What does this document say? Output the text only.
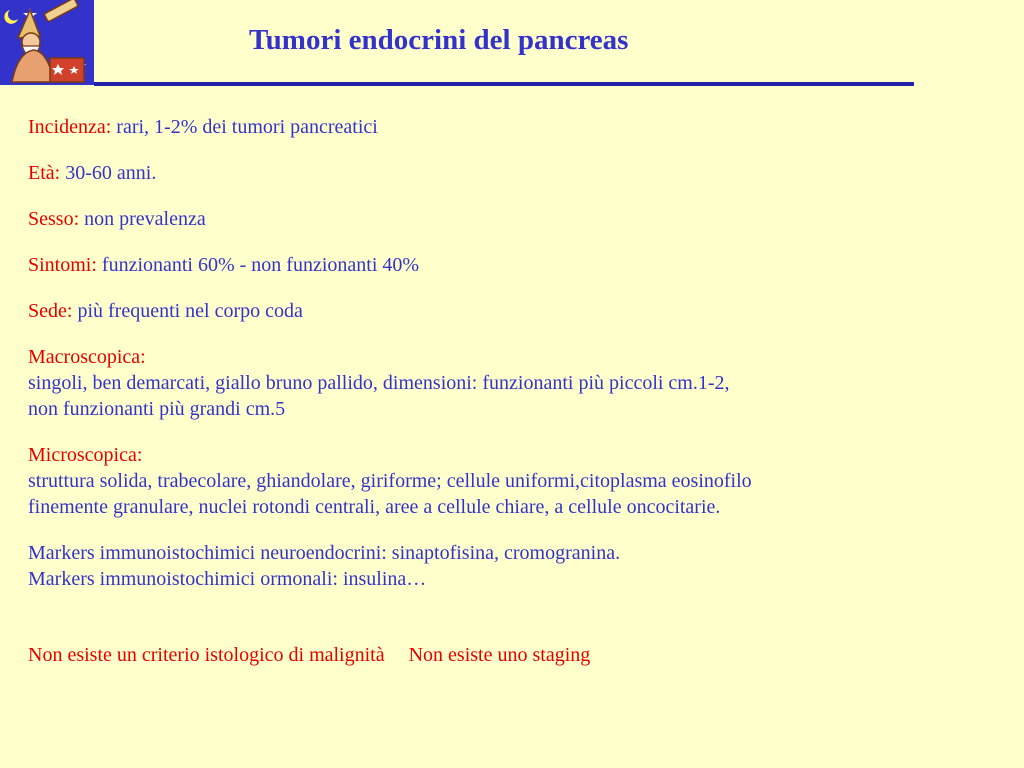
Tumori endocrini del pancreas
Incidenza: rari, 1-2% dei tumori pancreatici
Età: 30-60 anni.
Sesso: non prevalenza
Sintomi: funzionanti 60% - non funzionanti 40%
Sede: più frequenti nel corpo coda
Macroscopica:
singoli, ben demarcati, giallo bruno pallido, dimensioni: funzionanti più piccoli cm.1-2,
non funzionanti più grandi cm.5
Microscopica:
struttura solida, trabecolare, ghiandolare, giriforme; cellule uniformi,citoplasma eosinofilo
finemente granulare, nuclei rotondi centrali, aree a cellule chiare, a cellule oncocitarie.
Markers immunoistochimici neuroendocrini: sinaptofisina, cromogranina.
Markers immunoistochimici ormonali: insulina…
Non esiste un criterio istologico di malignità Non esiste uno staging
